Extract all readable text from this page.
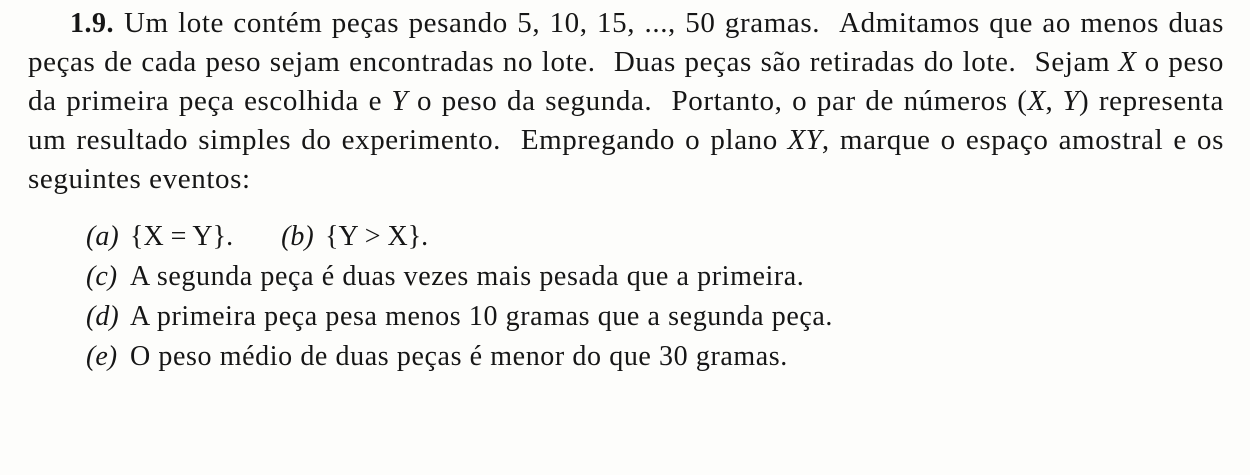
1.9. Um lote contém peças pesando 5, 10, 15, ..., 50 gramas. Admitamos que ao menos duas peças de cada peso sejam encontradas no lote. Duas peças são retiradas do lote. Sejam X o peso da primeira peça escolhida e Y o peso da segunda. Portanto, o par de números (X, Y) representa um resultado simples do experimento. Empregando o plano XY, marque o espaço amostral e os seguintes eventos:
(a) {X = Y}. (b) {Y > X}.
(c) A segunda peça é duas vezes mais pesada que a primeira.
(d) A primeira peça pesa menos 10 gramas que a segunda peça.
(e) O peso médio de duas peças é menor do que 30 gramas.
